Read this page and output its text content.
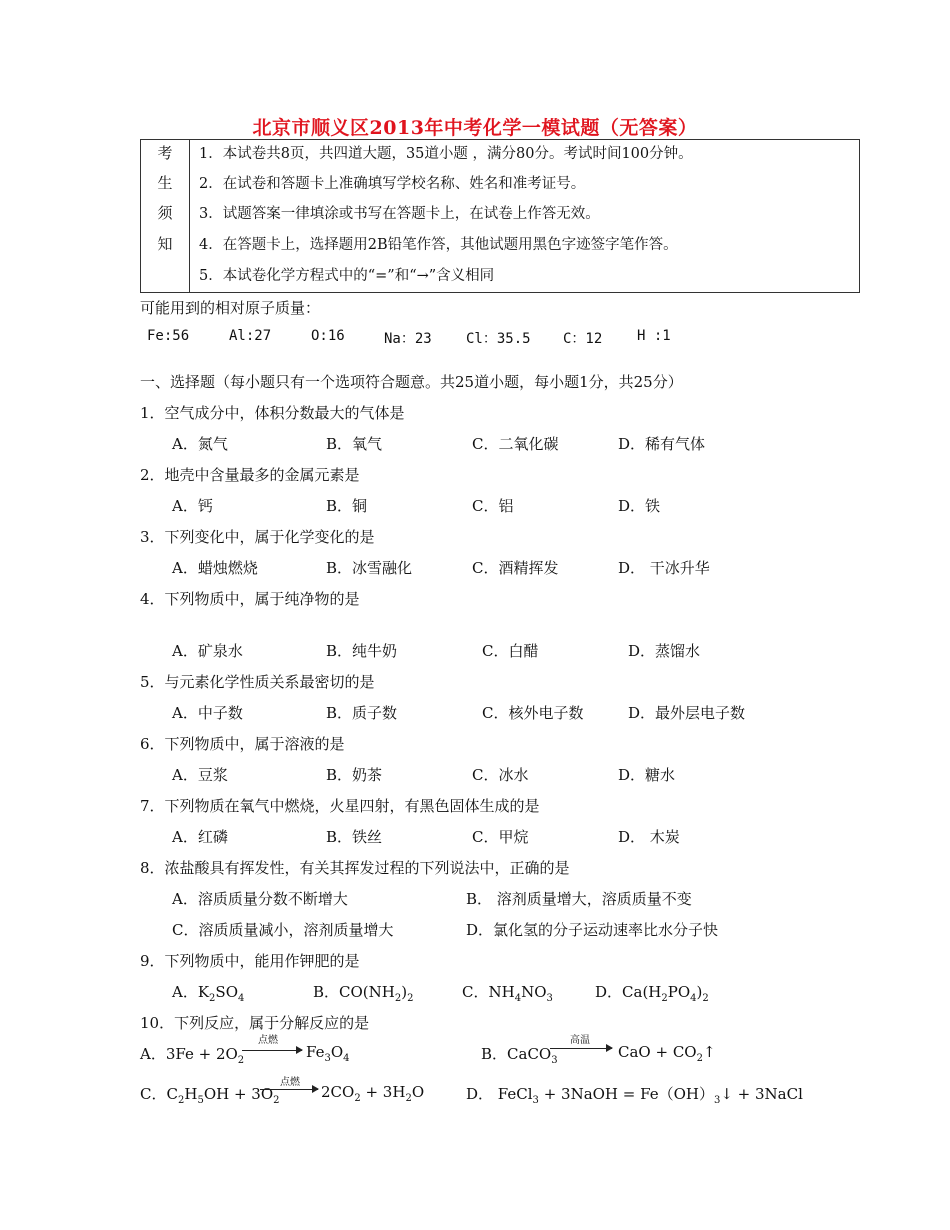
北京市顺义区2013年中考化学一模试题（无答案）
考
生
须
知
1．本试卷共8页，共四道大题，35道小题 ，满分80分。考试时间100分钟。
2．在试卷和答题卡上准确填写学校名称、姓名和准考证号。
3．试题答案一律填涂或书写在答题卡上，在试卷上作答无效。
4．在答题卡上，选择题用2B铅笔作答，其他试题用黑色字迹签字笔作答。
5．本试卷化学方程式中的“=”和“→”含义相同
可能用到的相对原子质量：
Fe:56	Al:27	O:16	Na：23 Cl：35.5 C：12 H :1
一、选择题（每小题只有一个选项符合题意。共25道小题，每小题1分，共25分）
1．空气成分中，体积分数最大的气体是
A．氮气	B．氧气	C．二氧化碳	D．稀有气体
2．地壳中含量最多的金属元素是
A．钙	B．铜	C．铝	D．铁
3．下列变化中，属于化学变化的是
A．蜡烛燃烧	B．冰雪融化	C．酒精挥发	D． 干冰升华
4．下列物质中，属于纯净物的是
A．矿泉水	B．纯牛奶	C．白醋	D．蒸馏水
5．与元素化学性质关系最密切的是
A．中子数	B．质子数	C．核外电子数	D．最外层电子数
6．下列物质中，属于溶液的是
A．豆浆	B．奶茶	C．冰水	D．糖水
7．下列物质在氧气中燃烧，火星四射，有黑色固体生成的是
A．红磷	B．铁丝	C．甲烷	D． 木炭
8．浓盐酸具有挥发性，有关其挥发过程的下列说法中，正确的是
A．溶质质量分数不断增大	B． 溶剂质量增大，溶质质量不变
C．溶质质量减小，溶剂质量增大	D．氯化氢的分子运动速率比水分子快
9．下列物质中，能用作钾肥的是
A．$K_2SO_4$	B．$CO(NH_2)_2$	C．$NH_4NO_3$	D．$Ca(H_2PO_4)_2$
10．下列反应，属于分解反应的是
A．$3Fe + 2O_2$
点燃
→ $Fe_3O_4$	B．CaCO$_3$
高温
CaO + $CO_2↑$
C．$C_2H_5OH + 3O_2$
点燃
→ $2CO_2 + 3H_2O$	D． FeCl$_3$ + 3NaOH = $Fe(OH)_3↓$ + 3NaCl
